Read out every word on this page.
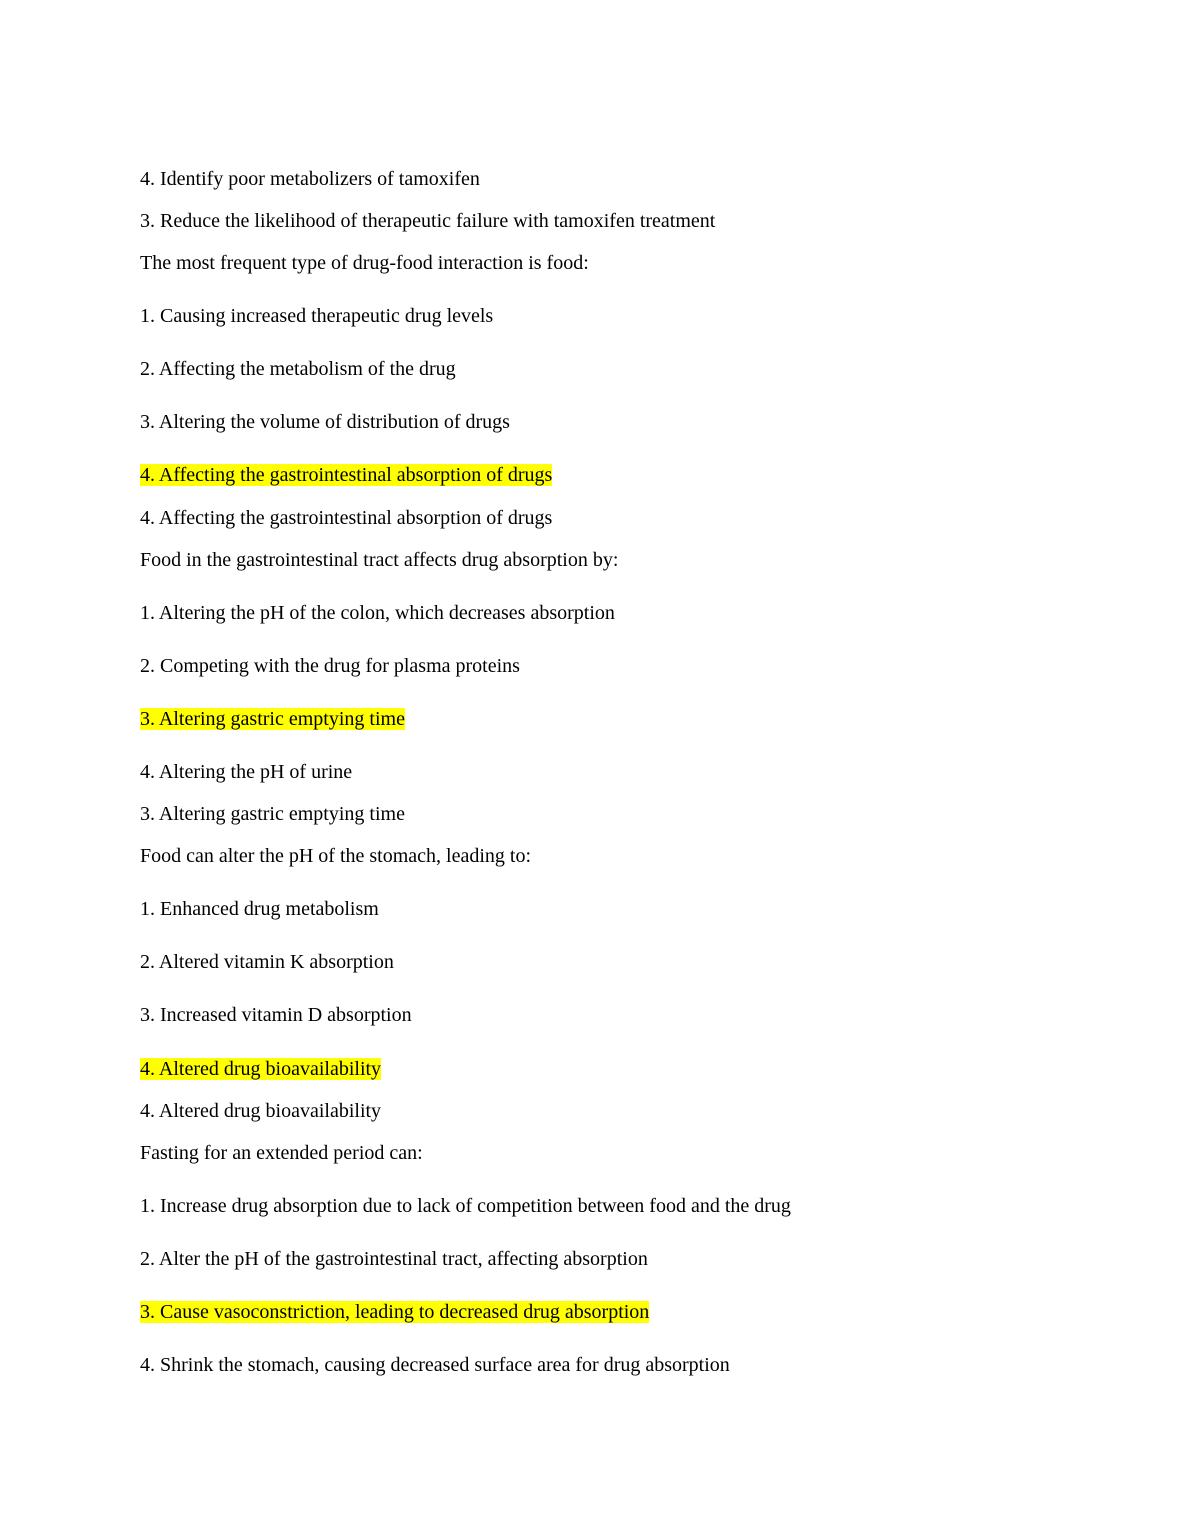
4. Identify poor metabolizers of tamoxifen
3. Reduce the likelihood of therapeutic failure with tamoxifen treatment
The most frequent type of drug-food interaction is food:
1. Causing increased therapeutic drug levels
2. Affecting the metabolism of the drug
3. Altering the volume of distribution of drugs
4. Affecting the gastrointestinal absorption of drugs
4. Affecting the gastrointestinal absorption of drugs
Food in the gastrointestinal tract affects drug absorption by:
1. Altering the pH of the colon, which decreases absorption
2. Competing with the drug for plasma proteins
3. Altering gastric emptying time
4. Altering the pH of urine
3. Altering gastric emptying time
Food can alter the pH of the stomach, leading to:
1. Enhanced drug metabolism
2. Altered vitamin K absorption
3. Increased vitamin D absorption
4. Altered drug bioavailability
4. Altered drug bioavailability
Fasting for an extended period can:
1. Increase drug absorption due to lack of competition between food and the drug
2. Alter the pH of the gastrointestinal tract, affecting absorption
3. Cause vasoconstriction, leading to decreased drug absorption
4. Shrink the stomach, causing decreased surface area for drug absorption
